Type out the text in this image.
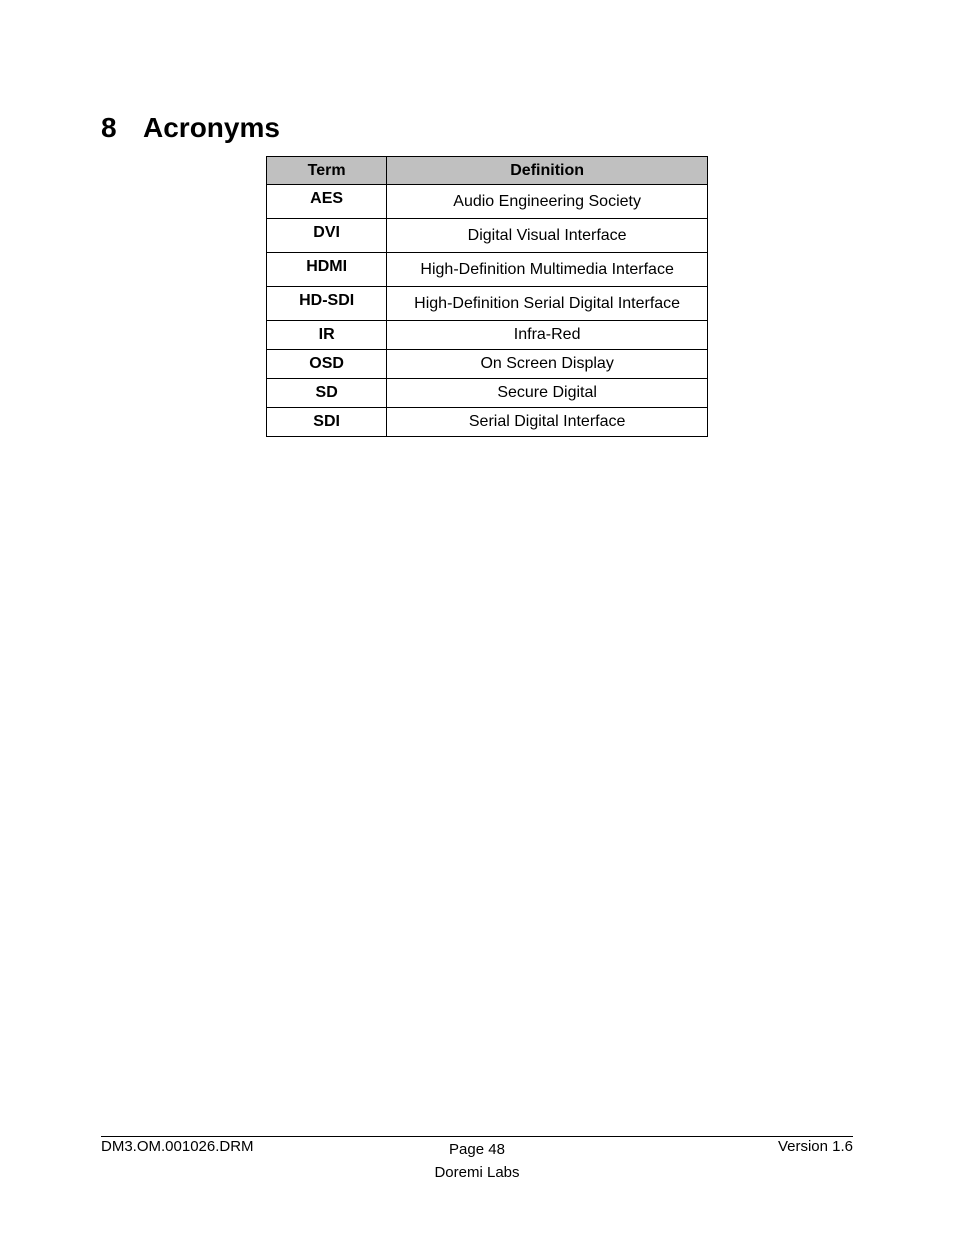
8 Acronyms
Term	Definition
AES	Audio Engineering Society
DVI	Digital Visual Interface
HDMI	High-Definition Multimedia Interface
HD-SDI	High-Definition Serial Digital Interface
IR	Infra-Red
OSD	On Screen Display
SD	Secure Digital
SDI	Serial Digital Interface
DM3.OM.001026.DRM	Page 48
Doremi Labs
Version 1.6
